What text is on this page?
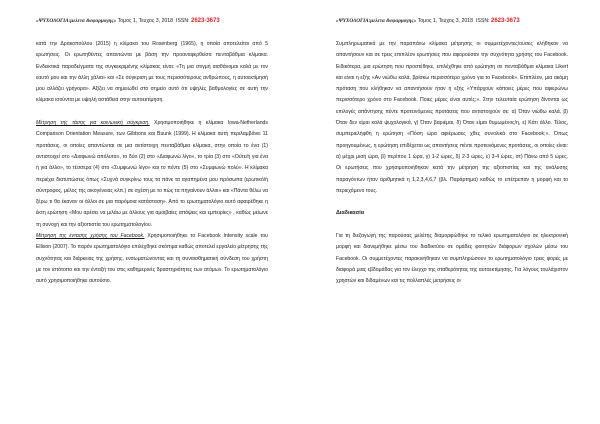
«ΨΥΧΟΛΟΓΙΑ:μελετα &εφαρμογης» Τομος 1, Τευχος 3, 2018 ISSN: 2623-3673

κατά την Δρακοπούλου (2015) η κλίμακα του Rosenberg (1965), η οποία αποτελείται από 5 ερωτήσεις. Οι ερωτηθέντες απαντώντα με βάση την προαναφερθείσα πενταβάθμια κλίμακα. Ενδεικτικά παραδείγματα της συγκεκριμένης κλίμακας είναι: «Τη μια στιγμή αισθάνομαι καλά με τον εαυτό μου και την άλλη χάλια» και «Σε σύγκριση με τους περισσότερους ανθρώπους, η αυτοεκτίμησή μου αλλάζει γρήγορα». Αξίζει να σημειωθεί στο σημείο αυτό ότι υψηλές βαθμολογίες σε αυτή την κλίμακα ισούνται με υψηλή αστάθεια στην αυτοεκτίμηση.

Μέτρηση της τάσης για κοινωνική σύγκριση. Χρησιμοποιήθηκε η κλίμακα Iowa-Netherlands Comparison Orientation Measure, των Gibbons και Buunk (1999). Η κλίμακα αυτή περιλαμβάνει 11 προτάσεις, οι οποίες απαντώνται σε μια αντίστοιχη πενταβάθμια κλίμακα, στην οποία το ένα (1) αντιστοιχεί στο «Διαφωνώ απόλυτα», το δύο (2) στο «Διαφωνώ λίγο», το τρία (3) στο «Ούτε/ή για ένα ή για άλλο», το τέσσερα (4) στο «Συμφωνώ λίγο» και το πέντε (5) στο «Συμφωνώ πολύ». Η κλίμακα περιέχει διατυπώσεις όπως «Συχνά συγκρίνω τους τα πάνε τα αγαπημένα μου πρόσωπα (ερωτικό/ή σύντροφος, μέλος της οικογένειας κλπ.) σε σχέση με το πώς τα πηγαίνουν άλλοι» και «Πάντα θέλω να ξέρω τι θα έκαναν οι άλλοι σε μια παρόμοια κατάσταση». Από το ερωτηματολόγιο αυτό αφαιρέθηκε η έκτη ερώτηση «Μου αρέσει να μιλάω με άλλους για αμοιβαίες απόψεις και εμπειρίες» , καθώς μείωνε τη συνοχή και την αξιοπιστία του ερωτηματολογίου.

Μέτρηση της έντασης χρήσης του Facebook. Χρησιμοποιήθηκε το Facebook Intensity scale του Ellison (2007). Το παρόν ερωτηματολόγιο επιλέχθηκε σκόπιμα καθώς αποτελεί εργαλείο μέτρησης της συχνότητας και διάρκειας της χρήσης, ενσωματώνοντας και τη συναισθηματική σύνδεση του χρήστη με τον ιστότοπο και την ένταξή του στις καθημερινές δραστηριότητες των ατόμων. Το ερωτηματολόγιο αυτό χρησιμοποιήθηκε αυτούσιο.

«ΨΥΧΟΛΟΓΙΑ:μελετα &εφαρμογης» Τομος 1, Τευχος 3, 2018 ISSN: 2623-3673

Συμπληρωματικά με την παραπάνω κλίμακα μέτρησης οι συμμετέχοντες/ουσες κλήθηκαν να απαντήσουν και σε τρεις επιπλέον ερωτήσεις που αφορούσαν την συχνότητα χρήσης του Facebook. Ειδικότερα, μια ερώτηση που προστέθηκε, επιλέχθηκε από ερώτηση σε πενταβάθμια κλίμακα Likert και είναι η εξής «Αν νιώθω καλά, βρίσκω περισσότερο χρόνο για το Facebook». Επιπλέον, μια ακόμη πρόταση που κλήθηκαν να απαντήσουν ήταν η εξής «Υπάρχουν κάποιες μέρες που αφιερώνω περισσότερο χρόνο στο Facebook. Ποιες μέρες είναι αυτές;». Στην τελευταία ερώτηση δίνονται ως επιλογές απάντησης πέντε προτεινόμενες προτάσεις που αντιστοιχούν σε: α) Όταν νιώθω καλά, β) Όταν δεν είμαι καλά ψυχολογικά, γ) Όταν βαριέμαι, δ) Όταν είμαι θυμωμένος/η, ε) Κάτι άλλο. Τέλος, συμπεριελήφθη η ερώτηση «Πόση ώρα αφιέρωσες χθες συνολικά στο Facebook;». Όπως προηγουμένως, η ερώτηση επιδέχεται ως απαντήσεις πέντε προτεινόμενες προτάσεις, οι οποίες είναι: α) μέχρι μισή ώρα, β) περίπου 1 ώρα, γ) 1-2 ώρες, δ) 2-3 ώρες, ε) 3-4 ώρες, στ) Πάνω από 5 ώρες. Οι ερωτήσεις που χρησιμοποιήθηκαν κατά την μέτρηση της αξιοπιστίας και της ανάλυσης παραγόντων ήταν αριθμητικά η 1,2,3,4,6,7 (βλ. Παράρτημα) καθώς το επέτρεπαν η μορφή και το περιεχόμενο τους.

Διαδικασία

Για τη διεξαγωγή της παρούσας μελέτης διαμορφώθηκε το τελικό ερωτηματολόγιο σε ηλεκτρονική μορφή και διανεμήθηκε μέσω του διαδικτύου σε ομάδες φοιτητών διάφορων σχολών μέσω του Facebook. Οι συμμετέχοντες παρακινήθηκαν να συμπληρώσουν το ερωτηματολόγιο τρεις φορές με διαφορά μιας εβδομάδας για τον έλεγχο της σταθερότητας της αυτοεκτίμησης. Για λόγους τουλάχιστον χρηστών και διδαμένων και τις πολλαπλές μετρήσεις οι
